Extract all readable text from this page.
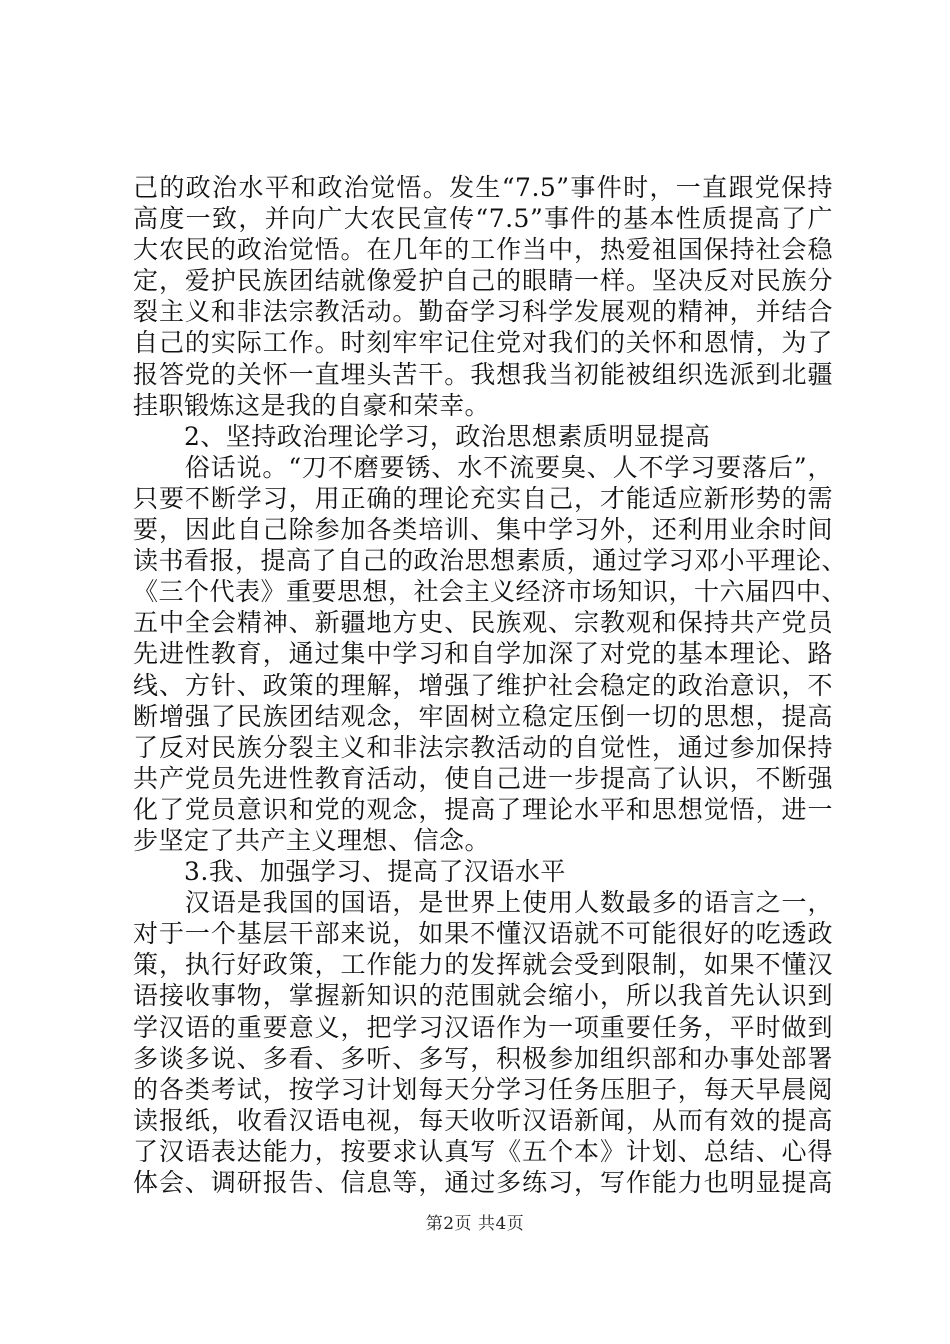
己的政治水平和政治觉悟。发生“7.5”事件时，一直跟党保持
高度一致，并向广大农民宣传“7.5”事件的基本性质提高了广
大农民的政治觉悟。在几年的工作当中，热爱祖国保持社会稳
定，爱护民族团结就像爱护自己的眼睛一样。坚决反对民族分
裂主义和非法宗教活动。勤奋学习科学发展观的精神，并结合
自己的实际工作。时刻牢牢记住党对我们的关怀和恩情，为了
报答党的关怀一直埋头苦干。我想我当初能被组织选派到北疆
挂职锻炼这是我的自豪和荣幸。
　　2、坚持政治理论学习，政治思想素质明显提高
　　俗话说。“刀不磨要锈、水不流要臭、人不学习要落后”，
只要不断学习，用正确的理论充实自己，才能适应新形势的需
要，因此自己除参加各类培训、集中学习外，还利用业余时间
读书看报，提高了自己的政治思想素质，通过学习邓小平理论、
《三个代表》重要思想，社会主义经济市场知识，十六届四中、
五中全会精神、新疆地方史、民族观、宗教观和保持共产党员
先进性教育，通过集中学习和自学加深了对党的基本理论、路
线、方针、政策的理解，增强了维护社会稳定的政治意识，不
断增强了民族团结观念，牢固树立稳定压倒一切的思想，提高
了反对民族分裂主义和非法宗教活动的自觉性，通过参加保持
共产党员先进性教育活动，使自己进一步提高了认识，不断强
化了党员意识和党的观念，提高了理论水平和思想觉悟，进一
步坚定了共产主义理想、信念。
　　3.我、加强学习、提高了汉语水平
　　汉语是我国的国语，是世界上使用人数最多的语言之一，
对于一个基层干部来说，如果不懂汉语就不可能很好的吃透政
策，执行好政策，工作能力的发挥就会受到限制，如果不懂汉
语接收事物，掌握新知识的范围就会缩小，所以我首先认识到
学汉语的重要意义，把学习汉语作为一项重要任务，平时做到
多谈多说、多看、多听、多写，积极参加组织部和办事处部署
的各类考试，按学习计划每天分学习任务压胆子，每天早晨阅
读报纸，收看汉语电视，每天收听汉语新闻，从而有效的提高
了汉语表达能力，按要求认真写《五个本》计划、总结、心得
体会、调研报告、信息等，通过多练习，写作能力也明显提高
第2页 共4页
